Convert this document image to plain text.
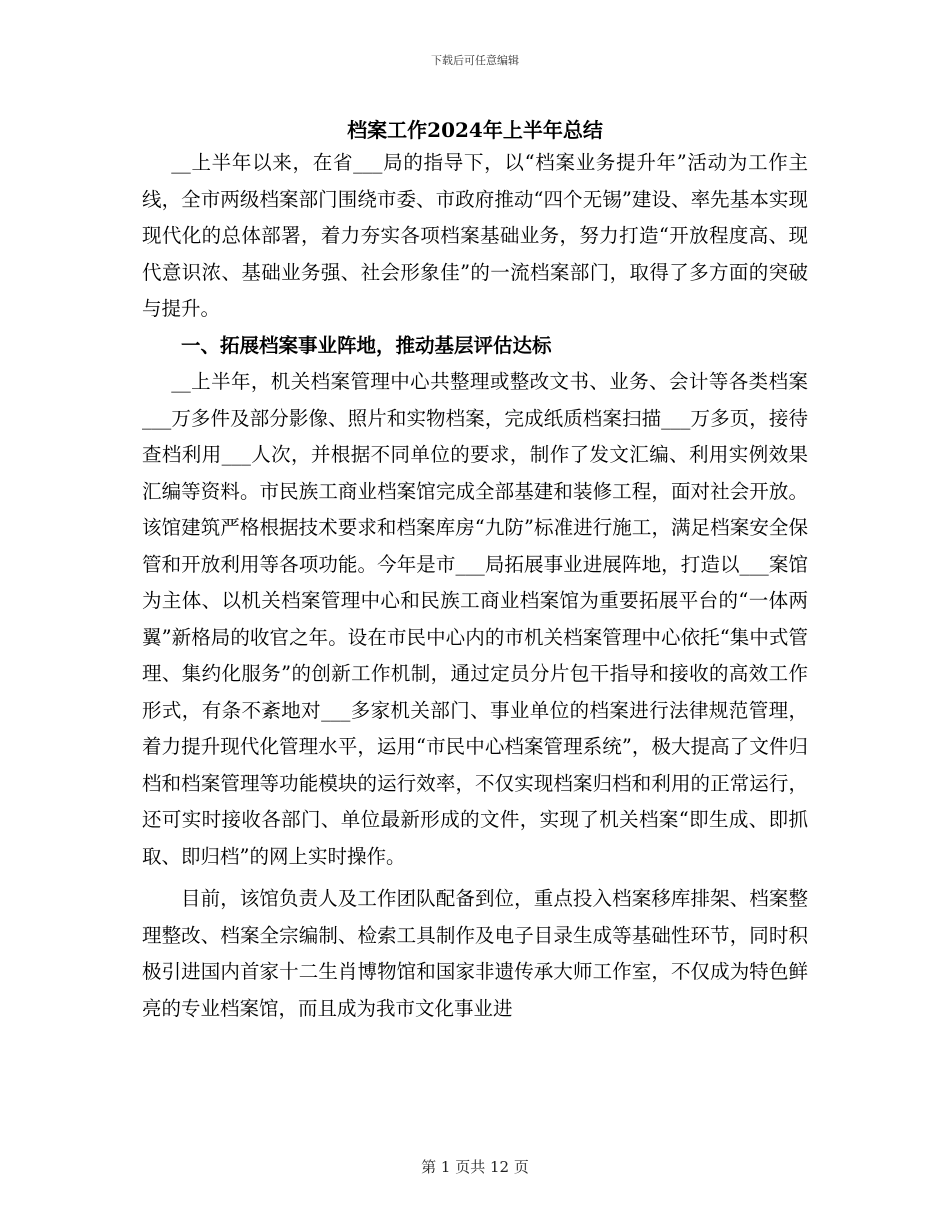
下载后可任意编辑
档案工作2024年上半年总结

__上半年以来，在省___局的指导下，以“档案业务提升年”活动为工作主线，全市两级档案部门围绕市委、市政府推动“四个无锡”建设、率先基本实现现代化的总体部署，着力夯实各项档案基础业务，努力打造“开放程度高、现代意识浓、基础业务强、社会形象佳”的一流档案部门，取得了多方面的突破与提升。

一、拓展档案事业阵地，推动基层评估达标

__上半年，机关档案管理中心共整理或整改文书、业务、会计等各类档案___万多件及部分影像、照片和实物档案，完成纸质档案扫描___万多页，接待查档利用___人次，并根据不同单位的要求，制作了发文汇编、利用实例效果汇编等资料。市民族工商业档案馆完成全部基建和装修工程，面对社会开放。该馆建筑严格根据技术要求和档案库房“九防”标准进行施工，满足档案安全保管和开放利用等各项功能。今年是市___局拓展事业进展阵地，打造以___案馆为主体、以机关档案管理中心和民族工商业档案馆为重要拓展平台的“一体两翼”新格局的收官之年。设在市民中心内的市机关档案管理中心依托“集中式管理、集约化服务”的创新工作机制，通过定员分片包干指导和接收的高效工作形式，有条不紊地对___多家机关部门、事业单位的档案进行法律规范管理，着力提升现代化管理水平，运用“市民中心档案管理系统”，极大提高了文件归档和档案管理等功能模块的运行效率，不仅实现档案归档和利用的正常运行，还可实时接收各部门、单位最新形成的文件，实现了机关档案“即生成、即抓取、即归档”的网上实时操作。

目前，该馆负责人及工作团队配备到位，重点投入档案移库排架、档案整理整改、档案全宗编制、检索工具制作及电子目录生成等基础性环节，同时积极引进国内首家十二生肖博物馆和国家非遗传承大师工作室，不仅成为特色鲜亮的专业档案馆，而且成为我市文化事业进

第 1 页共 12 页
